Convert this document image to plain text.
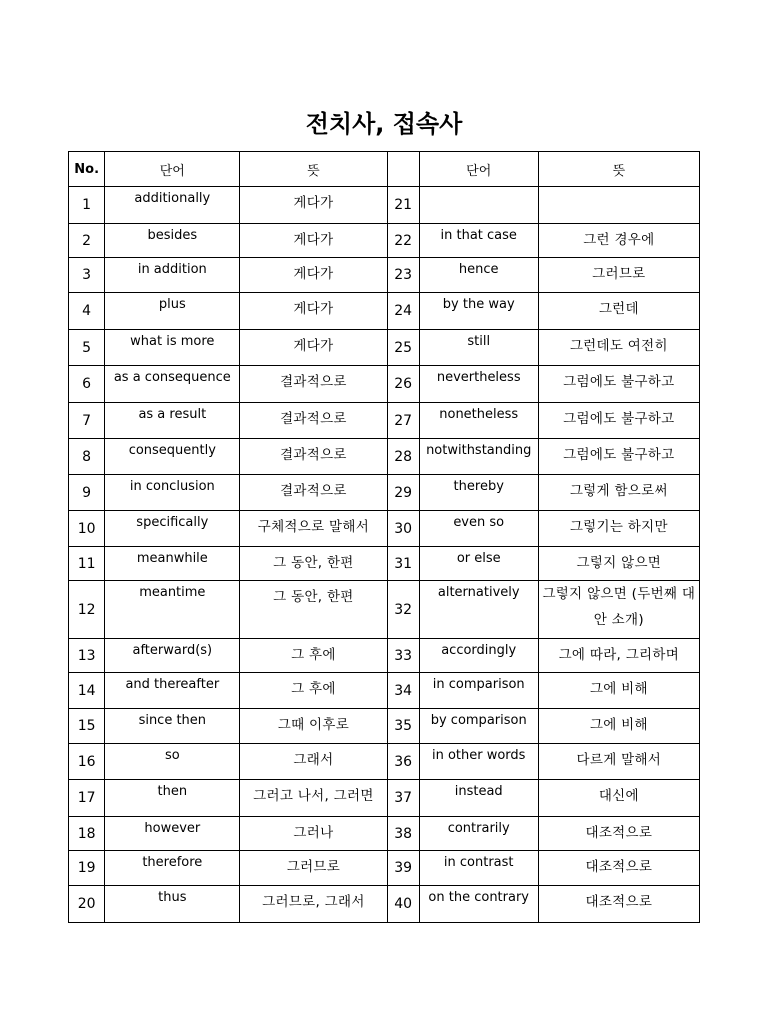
전치사, 접속사
No.	단어	뜻		단어	뜻
1	additionally	게다가	21		
2	besides	게다가	22	in that case	그런 경우에
3	in addition	게다가	23	hence	그러므로
4	plus	게다가	24	by the way	그런데
5	what is more	게다가	25	still	그런데도 여전히
6	as a consequence	결과적으로	26	nevertheless	그럼에도 불구하고
7	as a result	결과적으로	27	nonetheless	그럼에도 불구하고
8	consequently	결과적으로	28	notwithstanding	그럼에도 불구하고
9	in conclusion	결과적으로	29	thereby	그렇게 함으로써
10	specifically	구체적으로 말해서	30	even so	그렇기는 하지만
11	meanwhile	그 동안, 한편	31	or else	그렇지 않으면
12	meantime	그 동안, 한편	32	alternatively	그렇지 않으면 (두번째 대안 소개)
13	afterward(s)	그 후에	33	accordingly	그에 따라, 그리하며
14	and thereafter	그 후에	34	in comparison	그에 비해
15	since then	그때 이후로	35	by comparison	그에 비해
16	so	그래서	36	in other words	다르게 말해서
17	then	그러고 나서, 그러면	37	instead	대신에
18	however	그러나	38	contrarily	대조적으로
19	therefore	그러므로	39	in contrast	대조적으로
20	thus	그러므로, 그래서	40	on the contrary	대조적으로
